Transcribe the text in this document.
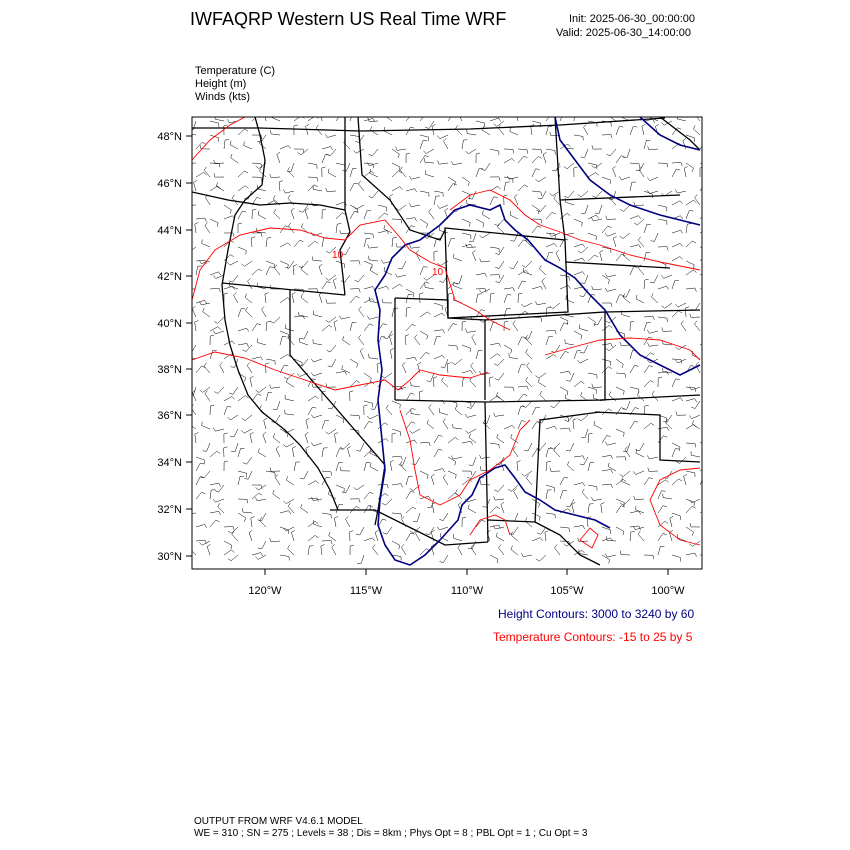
IWFAQRP Western US Real Time WRF	Init: 2025-06-30_00:00:00
Valid: 2025-06-30_14:00:00
Temperature (C)
Height (m)
Winds (kts)
10
10
48°N
46°N
44°N
42°N
40°N
38°N
36°N
34°N
32°N
30°N
120°W	115°W	110°W	105°W	100°W
Height Contours: 3000 to 3240 by 60
Temperature Contours: -15 to 25 by 5
OUTPUT FROM WRF V4.6.1 MODEL
WE = 310 ; SN = 275 ; Levels = 38 ; Dis = 8km ; Phys Opt = 8 ; PBL Opt = 1 ; Cu Opt = 3
